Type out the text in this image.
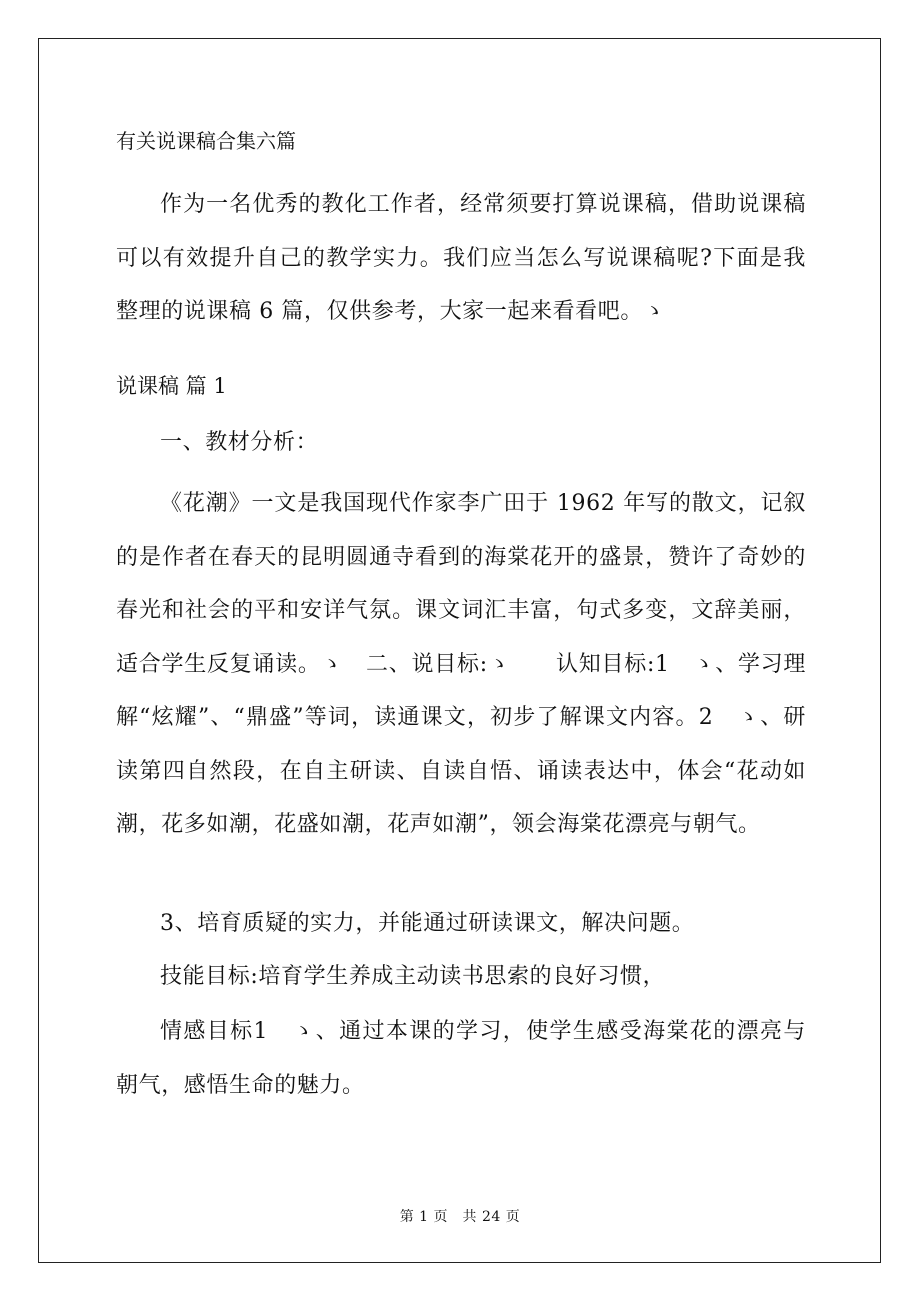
有关说课稿合集六篇
作为一名优秀的教化工作者，经常须要打算说课稿，借助说课稿可以有效提升自己的教学实力。我们应当怎么写说课稿呢?下面是我整理的说课稿 6 篇，仅供参考，大家一起来看看吧。ゝ
说课稿 篇 1
一、教材分析：
《花潮》一文是我国现代作家李广田于 1962 年写的散文，记叙的是作者在春天的昆明圆通寺看到的海棠花开的盛景，赞许了奇妙的春光和社会的平和安详气氛。课文词汇丰富，句式多变，文辞美丽，适合学生反复诵读。ゝ　二、说目标:ゝ　　认知目标:1　ゝ、学习理解“炫耀”、“鼎盛”等词，读通课文，初步了解课文内容。2　ゝ、研读第四自然段，在自主研读、自读自悟、诵读表达中，体会“花动如潮，花多如潮，花盛如潮，花声如潮”，领会海棠花漂亮与朝气。
3、培育质疑的实力，并能通过研读课文，解决问题。
技能目标:培育学生养成主动读书思索的良好习惯，
情感目标1　ゝ、通过本课的学习，使学生感受海棠花的漂亮与朝气，感悟生命的魅力。
第 1 页　共 24 页
